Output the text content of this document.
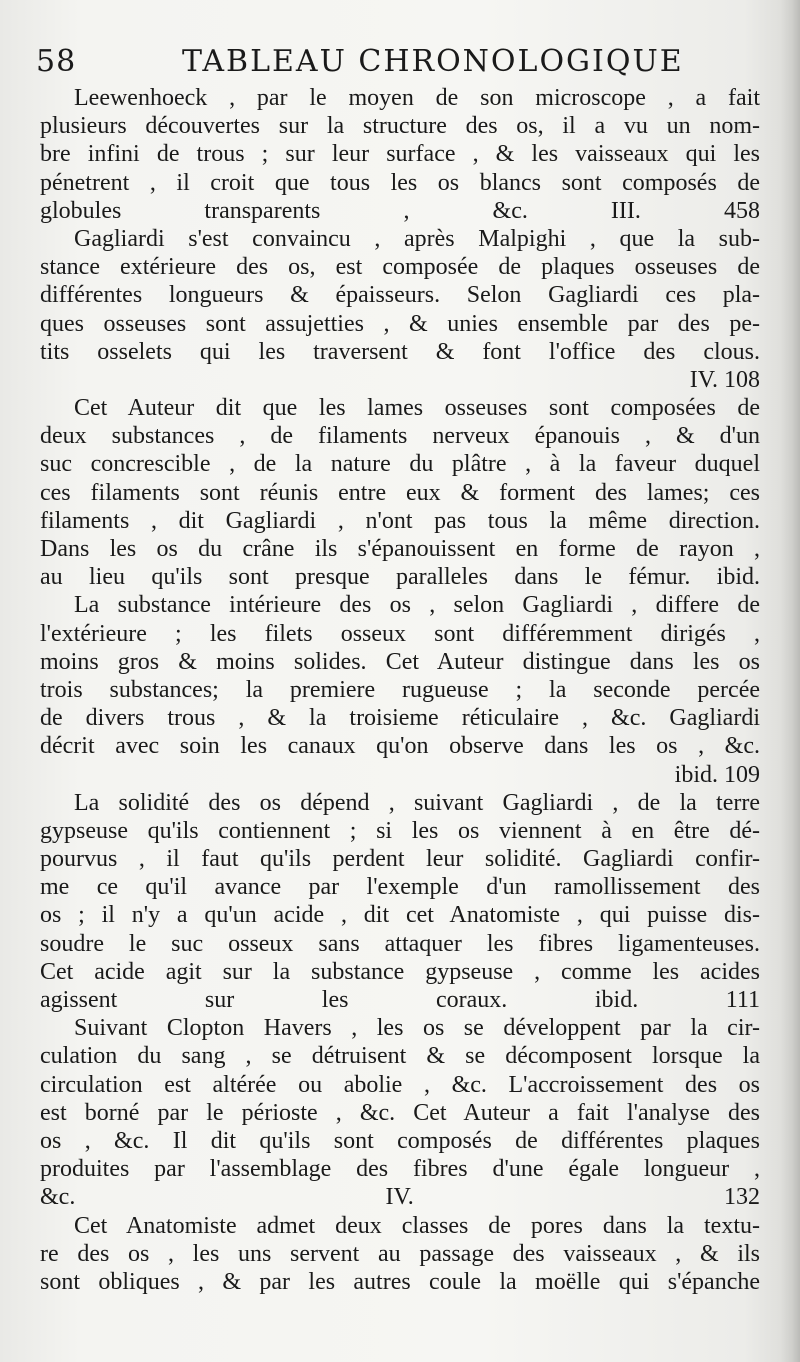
58	TABLEAU CHRONOLOGIQUE
Leewenhoeck , par le moyen de son microscope , a fait
plusieurs découvertes sur la structure des os, il a vu un nom-
bre infini de trous ; sur leur surface , & les vaisseaux qui les
pénetrent , il croit que tous les os blancs sont composés de
globules transparents , &c. III. 458
Gagliardi s'est convaincu , après Malpighi , que la sub-
stance extérieure des os, est composée de plaques osseuses de
différentes longueurs & épaisseurs. Selon Gagliardi ces pla-
ques osseuses sont assujetties , & unies ensemble par des pe-
tits osselets qui les traversent & font l'office des clous.
IV. 108
Cet Auteur dit que les lames osseuses sont composées de
deux substances , de filaments nerveux épanouis , & d'un
suc concrescible , de la nature du plâtre , à la faveur duquel
ces filaments sont réunis entre eux & forment des lames; ces
filaments , dit Gagliardi , n'ont pas tous la même direction.
Dans les os du crâne ils s'épanouissent en forme de rayon ,
au lieu qu'ils sont presque paralleles dans le fémur. ibid.
La substance intérieure des os , selon Gagliardi , differe de
l'extérieure ; les filets osseux sont différemment dirigés ,
moins gros & moins solides. Cet Auteur distingue dans les os
trois substances; la premiere rugueuse ; la seconde percée
de divers trous , & la troisieme réticulaire , &c. Gagliardi
décrit avec soin les canaux qu'on observe dans les os , &c.
ibid. 109
La solidité des os dépend , suivant Gagliardi , de la terre
gypseuse qu'ils contiennent ; si les os viennent à en être dé-
pourvus , il faut qu'ils perdent leur solidité. Gagliardi confir-
me ce qu'il avance par l'exemple d'un ramollissement des
os ; il n'y a qu'un acide , dit cet Anatomiste , qui puisse dis-
soudre le suc osseux sans attaquer les fibres ligamenteuses.
Cet acide agit sur la substance gypseuse , comme les acides
agissent sur les coraux. ibid. 111
Suivant Clopton Havers , les os se développent par la cir-
culation du sang , se détruisent & se décomposent lorsque la
circulation est altérée ou abolie , &c. L'accroissement des os
est borné par le périoste , &c. Cet Auteur a fait l'analyse des
os , &c. Il dit qu'ils sont composés de différentes plaques
produites par l'assemblage des fibres d'une égale longueur ,
&c. IV. 132
Cet Anatomiste admet deux classes de pores dans la textu-
re des os , les uns servent au passage des vaisseaux , & ils
sont obliques , & par les autres coule la moëlle qui s'épanche
